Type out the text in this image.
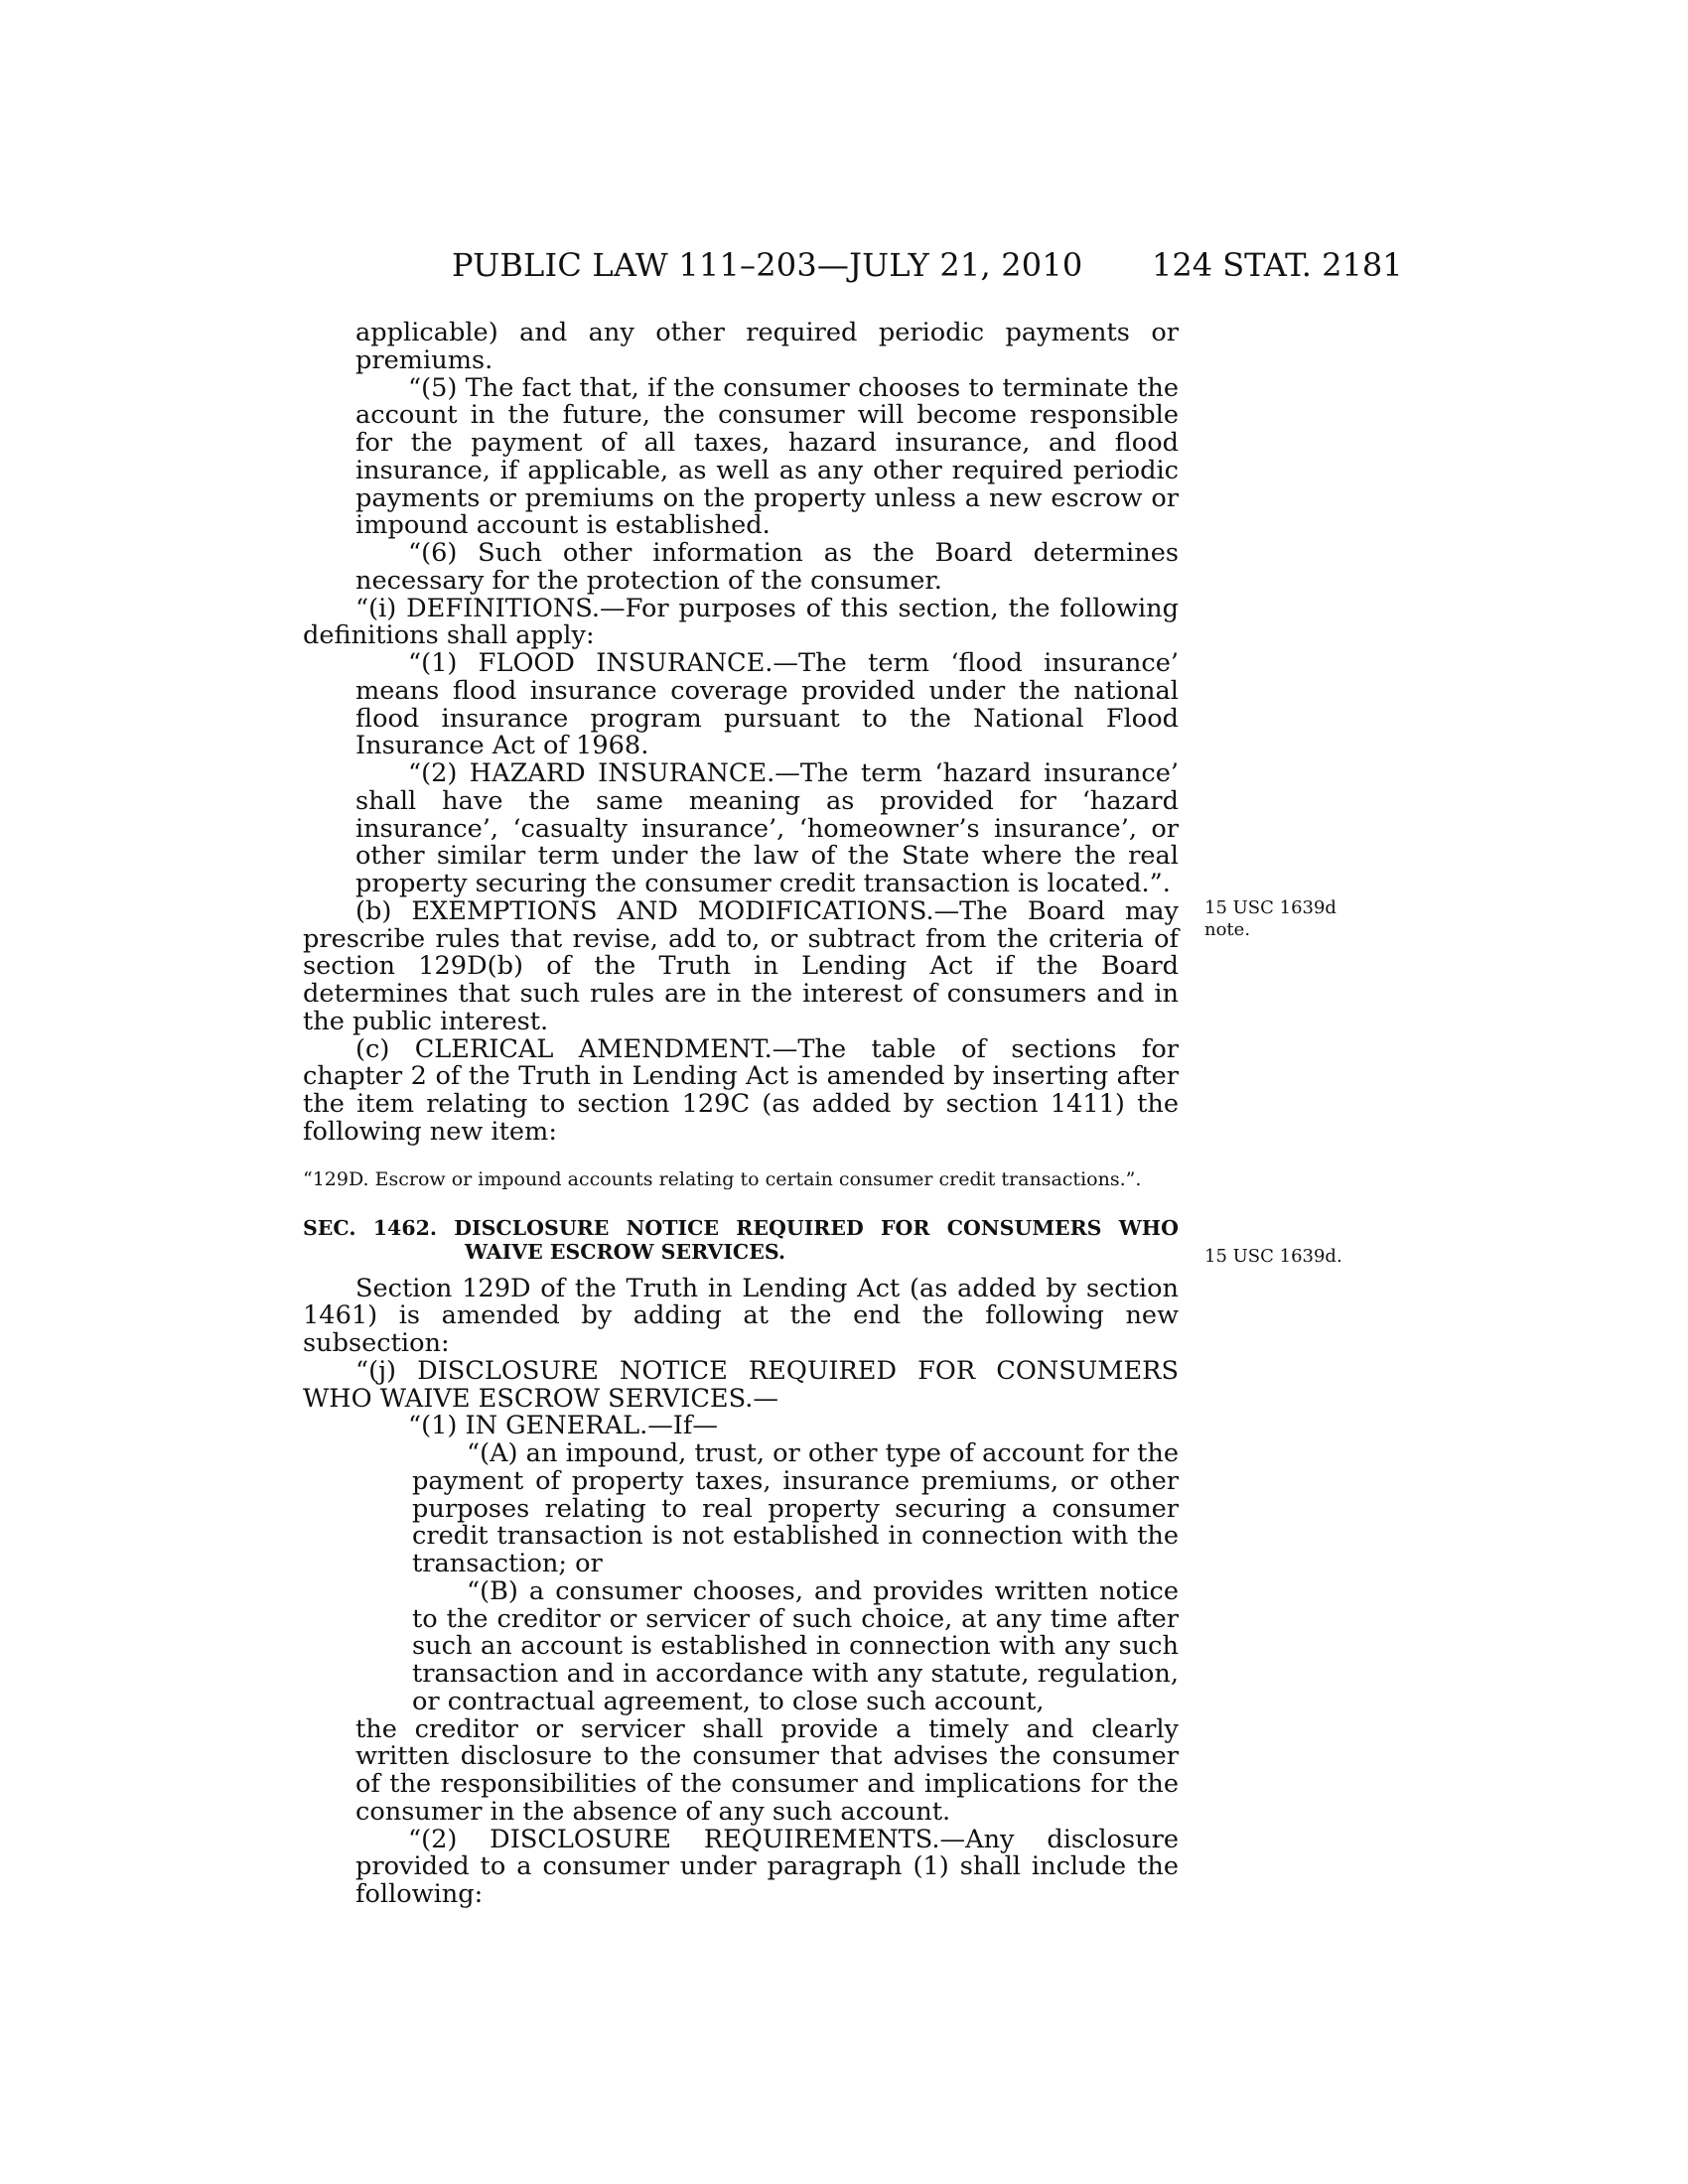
PUBLIC LAW 111–203—JULY 21, 2010 124 STAT. 2181

applicable) and any other required periodic payments or premiums.

“(5) The fact that, if the consumer chooses to terminate the account in the future, the consumer will become responsible for the payment of all taxes, hazard insurance, and flood insurance, if applicable, as well as any other required periodic payments or premiums on the property unless a new escrow or impound account is established.

“(6) Such other information as the Board determines necessary for the protection of the consumer.

“(i) DEFINITIONS.—For purposes of this section, the following definitions shall apply:

“(1) FLOOD INSURANCE.—The term ‘flood insurance’ means flood insurance coverage provided under the national flood insurance program pursuant to the National Flood Insurance Act of 1968.

“(2) HAZARD INSURANCE.—The term ‘hazard insurance’ shall have the same meaning as provided for ‘hazard insurance’, ‘casualty insurance’, ‘homeowner’s insurance’, or other similar term under the law of the State where the real property securing the consumer credit transaction is located.”.

(b) EXEMPTIONS AND MODIFICATIONS.—The Board may prescribe rules that revise, add to, or subtract from the criteria of section 129D(b) of the Truth in Lending Act if the Board determines that such rules are in the interest of consumers and in the public interest.

(c) CLERICAL AMENDMENT.—The table of sections for chapter 2 of the Truth in Lending Act is amended by inserting after the item relating to section 129C (as added by section 1411) the following new item:

“129D. Escrow or impound accounts relating to certain consumer credit transactions.”.

SEC. 1462. DISCLOSURE NOTICE REQUIRED FOR CONSUMERS WHO WAIVE ESCROW SERVICES.

Section 129D of the Truth in Lending Act (as added by section 1461) is amended by adding at the end the following new subsection:

“(j) DISCLOSURE NOTICE REQUIRED FOR CONSUMERS WHO WAIVE ESCROW SERVICES.—

“(1) IN GENERAL.—If—

“(A) an impound, trust, or other type of account for the payment of property taxes, insurance premiums, or other purposes relating to real property securing a consumer credit transaction is not established in connection with the transaction; or

“(B) a consumer chooses, and provides written notice to the creditor or servicer of such choice, at any time after such an account is established in connection with any such transaction and in accordance with any statute, regulation, or contractual agreement, to close such account,

the creditor or servicer shall provide a timely and clearly written disclosure to the consumer that advises the consumer of the responsibilities of the consumer and implications for the consumer in the absence of any such account.

“(2) DISCLOSURE REQUIREMENTS.—Any disclosure provided to a consumer under paragraph (1) shall include the following:

15 USC 1639d
note.
15 USC 1639d.
